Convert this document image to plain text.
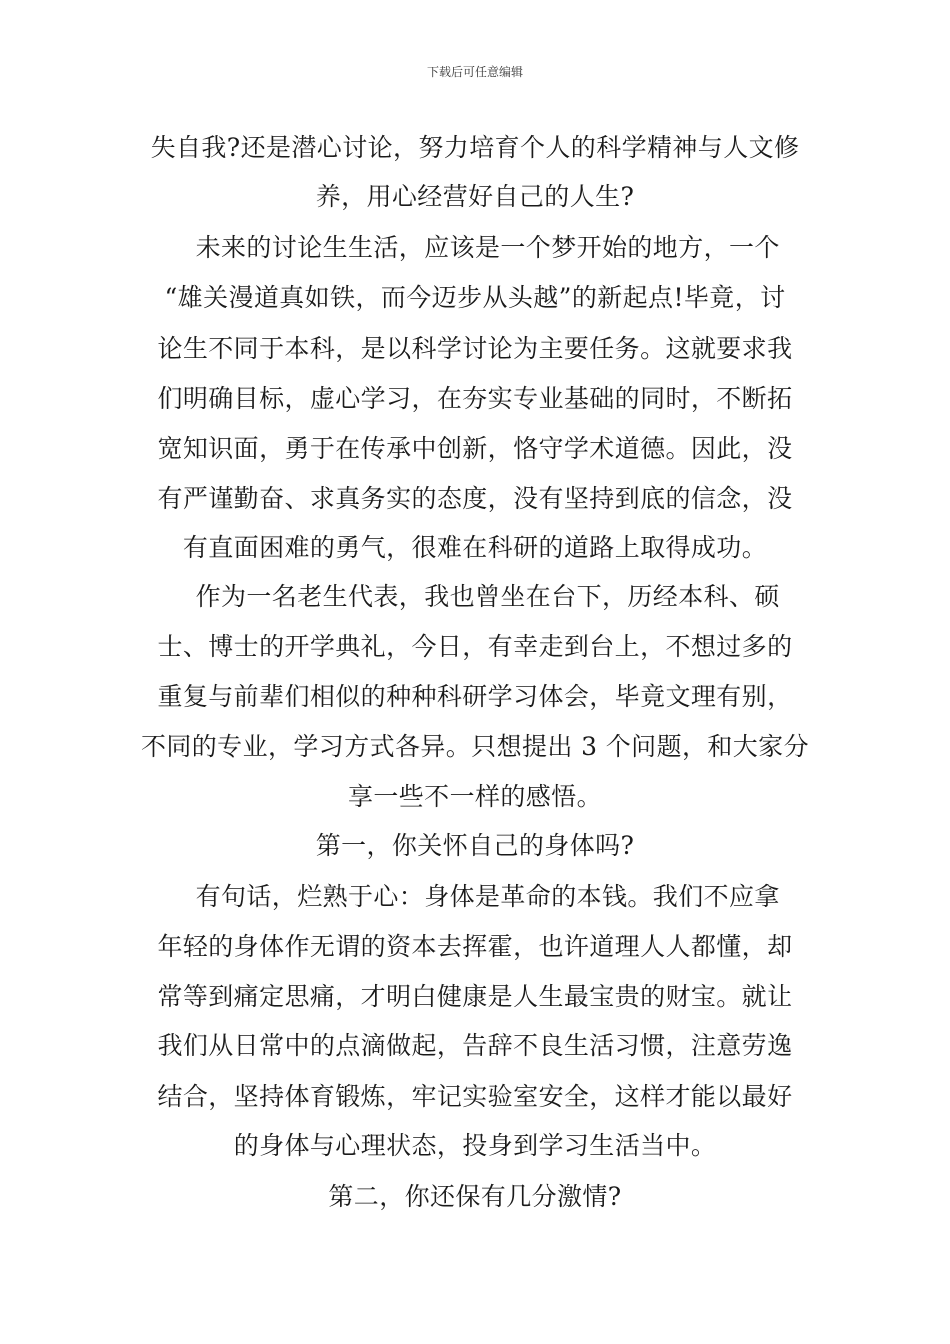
下载后可任意编辑
失自我?还是潜心讨论，努力培育个人的科学精神与人文修
养，用心经营好自己的人生?
　未来的讨论生生活，应该是一个梦开始的地方，一个
“雄关漫道真如铁，而今迈步从头越”的新起点!毕竟，讨
论生不同于本科，是以科学讨论为主要任务。这就要求我
们明确目标，虚心学习，在夯实专业基础的同时，不断拓
宽知识面，勇于在传承中创新，恪守学术道德。因此，没
有严谨勤奋、求真务实的态度，没有坚持到底的信念，没
有直面困难的勇气，很难在科研的道路上取得成功。
　作为一名老生代表，我也曾坐在台下，历经本科、硕
士、博士的开学典礼，今日，有幸走到台上，不想过多的
重复与前辈们相似的种种科研学习体会，毕竟文理有别，
不同的专业，学习方式各异。只想提出 3 个问题，和大家分
享一些不一样的感悟。
第一，你关怀自己的身体吗?
　有句话，烂熟于心：身体是革命的本钱。我们不应拿
年轻的身体作无谓的资本去挥霍，也许道理人人都懂，却
常等到痛定思痛，才明白健康是人生最宝贵的财宝。就让
我们从日常中的点滴做起，告辞不良生活习惯，注意劳逸
结合，坚持体育锻炼，牢记实验室安全，这样才能以最好
的身体与心理状态，投身到学习生活当中。
第二，你还保有几分激情?
